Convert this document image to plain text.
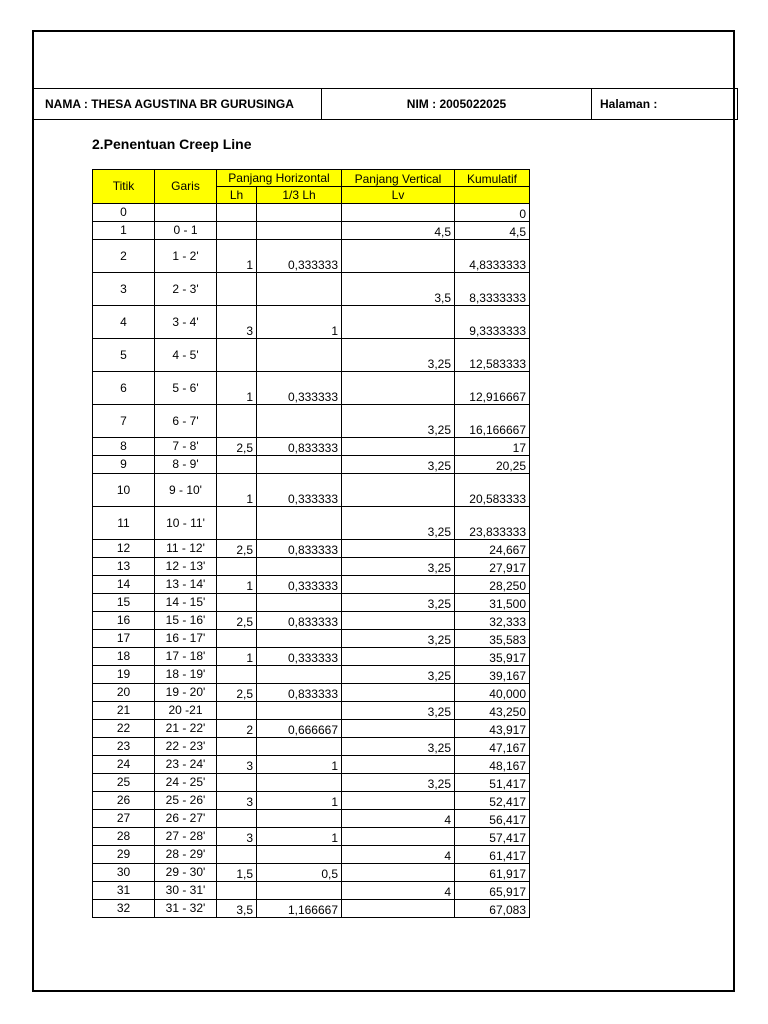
NAMA : THESA AGUSTINA BR GURUSINGA	NIM : 2005022025	Halaman :
2.Penentuan Creep Line
Titik	Garis	Panjang Horizontal		Panjang Vertical	Kumulatif
		Lh	1/3 Lh	Lv	
0					0
1	0 - 1			4,5	4,5
2	1 - 2'	1	0,333333		4,8333333
3	2 - 3'			3,5	8,3333333
4	3 - 4'	3	1		9,3333333
5	4 - 5'			3,25	12,583333
6	5 - 6'	1	0,333333		12,916667
7	6 - 7'			3,25	16,166667
8	7 - 8'	2,5	0,833333		17
9	8 - 9'			3,25	20,25
10	9 - 10'	1	0,333333		20,583333
11	10 - 11'			3,25	23,833333
12	11 - 12'	2,5	0,833333		24,667
13	12 - 13'			3,25	27,917
14	13 - 14'	1	0,333333		28,250
15	14 - 15'			3,25	31,500
16	15 - 16'	2,5	0,833333		32,333
17	16 - 17'			3,25	35,583
18	17 - 18'	1	0,333333		35,917
19	18 - 19'			3,25	39,167
20	19 - 20'	2,5	0,833333		40,000
21	20 -21			3,25	43,250
22	21 - 22'	2	0,666667		43,917
23	22 - 23'			3,25	47,167
24	23 - 24'	3	1		48,167
25	24 - 25'			3,25	51,417
26	25 - 26'	3	1		52,417
27	26 - 27'			4	56,417
28	27 - 28'	3	1		57,417
29	28 - 29'			4	61,417
30	29 - 30'	1,5	0,5		61,917
31	30 - 31'			4	65,917
32	31 - 32'	3,5	1,166667		67,083
